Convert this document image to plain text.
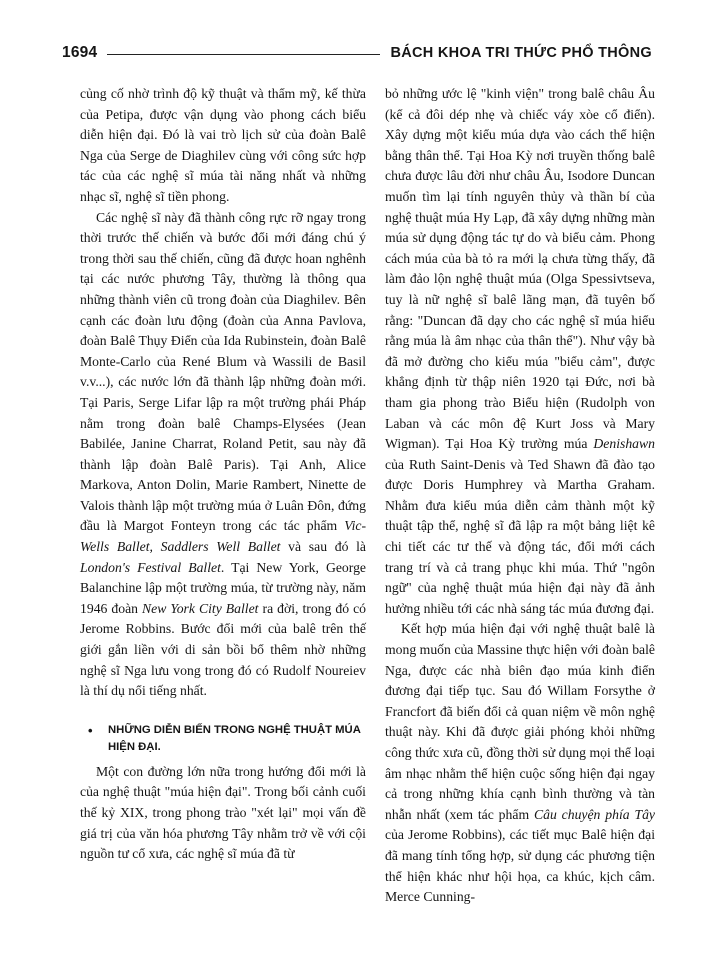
1694	BÁCH KHOA TRI THỨC PHỔ THÔNG

củng cố nhờ trình độ kỹ thuật và thẩm mỹ, kế thừa của Petipa, được vận dụng vào phong cách biểu diễn hiện đại. Đó là vai trò lịch sử của đoàn Balê Nga của Serge de Diaghilev cùng với công sức hợp tác của các nghệ sĩ múa tài năng nhất và những nhạc sĩ, nghệ sĩ tiền phong.

Các nghệ sĩ này đã thành công rực rỡ ngay trong thời trước thế chiến và bước đổi mới đáng chú ý trong thời sau thế chiến, cũng đã được hoan nghênh tại các nước phương Tây, thường là thông qua những thành viên cũ trong đoàn của Diaghilev. Bên cạnh các đoàn lưu động (đoàn của Anna Pavlova, đoàn Balê Thụy Điển của Ida Rubinstein, đoàn Balê Monte-Carlo của René Blum và Wassili de Basil v.v...), các nước lớn đã thành lập những đoàn mới. Tại Paris, Serge Lifar lập ra một trường phái Pháp nằm trong đoàn balê Champs-Elysées (Jean Babilée, Janine Charrat, Roland Petit, sau này đã thành lập đoàn Balê Paris). Tại Anh, Alice Markova, Anton Dolin, Marie Rambert, Ninette de Valois thành lập một trường múa ở Luân Đôn, đứng đầu là Margot Fonteyn trong các tác phẩm Vic-Wells Ballet, Saddlers Well Ballet và sau đó là London's Festival Ballet. Tại New York, George Balanchine lập một trường múa, từ trường này, năm 1946 đoàn New York City Ballet ra đời, trong đó có Jerome Robbins. Bước đổi mới của balê trên thế giới gắn liền với di sản bồi bổ thêm nhờ những nghệ sĩ Nga lưu vong trong đó có Rudolf Noureiev là thí dụ nổi tiếng nhất.

•	NHỮNG DIỄN BIẾN TRONG NGHỆ THUẬT MÚA HIỆN ĐẠI.

Một con đường lớn nữa trong hướng đổi mới là của nghệ thuật "múa hiện đại". Trong bối cảnh cuối thế kỷ XIX, trong phong trào "xét lại" mọi vấn đề giá trị của văn hóa phương Tây nhằm trở về với cội nguồn tư cổ xưa, các nghệ sĩ múa đã từ

bỏ những ước lệ "kinh viện" trong balê châu Âu (kể cả đôi dép nhẹ và chiếc váy xòe cổ điển). Xây dựng một kiểu múa dựa vào cách thể hiện bằng thân thể. Tại Hoa Kỳ nơi truyền thống balê chưa được lâu đời như châu Âu, Isodore Duncan muốn tìm lại tính nguyên thủy và thần bí của nghệ thuật múa Hy Lạp, đã xây dựng những màn múa sử dụng động tác tự do và biểu cảm. Phong cách múa của bà tỏ ra mới lạ chưa từng thấy, đã làm đảo lộn nghệ thuật múa (Olga Spessivtseva, tuy là nữ nghệ sĩ balê lãng mạn, đã tuyên bố rằng: "Duncan đã dạy cho các nghệ sĩ múa hiểu rằng múa là âm nhạc của thân thể"). Như vậy bà đã mở đường cho kiểu múa "biểu cảm", được khẳng định từ thập niên 1920 tại Đức, nơi bà tham gia phong trào Biểu hiện (Rudolph von Laban và các môn đệ Kurt Joss và Mary Wigman). Tại Hoa Kỳ trường múa Denishawn của Ruth Saint-Denis và Ted Shawn đã đào tạo được Doris Humphrey và Martha Graham. Nhằm đưa kiểu múa diễn cảm thành một kỹ thuật tập thể, nghệ sĩ đã lập ra một bảng liệt kê chi tiết các tư thế và động tác, đổi mới cách trang trí và cả trang phục khi múa. Thứ "ngôn ngữ" của nghệ thuật múa hiện đại này đã ảnh hưởng nhiều tới các nhà sáng tác múa đương đại.

Kết hợp múa hiện đại với nghệ thuật balê là mong muốn của Massine thực hiện với đoàn balê Nga, được các nhà biên đạo múa kinh điển đương đại tiếp tục. Sau đó Willam Forsythe ở Francfort đã biến đổi cả quan niệm về môn nghệ thuật này. Khi đã được giải phóng khỏi những công thức xưa cũ, đồng thời sử dụng mọi thể loại âm nhạc nhằm thể hiện cuộc sống hiện đại ngay cả trong những khía cạnh bình thường và tàn nhẫn nhất (xem tác phẩm Câu chuyện phía Tây của Jerome Robbins), các tiết mục Balê hiện đại đã mang tính tổng hợp, sử dụng các phương tiện thể hiện khác như hội họa, ca khúc, kịch câm. Merce Cunning-
